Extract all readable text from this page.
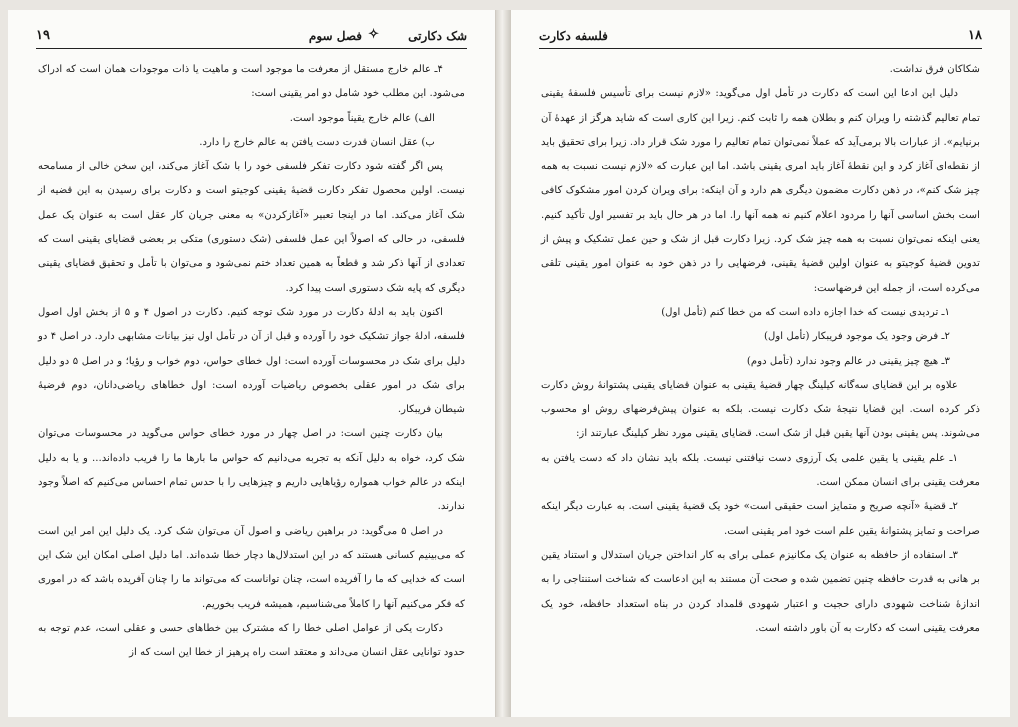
۱۹	شک دکارتی
✧
فصل سوم

۴ـ عالم خارج مستقل از معرفت ما موجود است و ماهیت یا ذات موجودات همان است که ادراک می‌شود. این مطلب خود شامل دو امر یقینی است:

الف) عالم خارج یقیناً موجود است.

ب) عقل انسان قدرت دست یافتن به عالم خارج را دارد.

پس اگر گفته شود دکارت تفکر فلسفی خود را با شک آغاز می‌کند، این سخن خالی از مسامحه نیست. اولین محصول تفکر دکارت قضیهٔ یقینی کوجیتو است و دکارت برای رسیدن به این قضیه از شک آغاز می‌کند. اما در اینجا تعبیر «آغازکردن» به معنی جریان کار عقل است به عنوان یک عمل فلسفی، در حالی که اصولاً این عمل فلسفی (شک دستوری) متکی بر بعضی قضایای یقینی است که تعدادی از آنها ذکر شد و قطعاً به همین تعداد ختم نمی‌شود و می‌توان با تأمل و تحقیق قضایای یقینی دیگری که پایه شک دستوری است پیدا کرد.

اکنون باید به ادلهٔ دکارت در مورد شک توجه کنیم. دکارت در اصول ۴ و ۵ از بخش اول اصول فلسفه، ادلهٔ جواز تشکیک خود را آورده و قبل از آن در تأمل اول نیز بیانات مشابهی دارد. در اصل ۴ دو دلیل برای شک در محسوسات آورده است: اول خطای حواس، دوم خواب و رؤیا؛ و در اصل ۵ دو دلیل برای شک در امور عقلی بخصوص ریاضیات آورده است: اول خطاهای ریاضی‌دانان، دوم فرضیهٔ شیطان فریبکار.

بیان دکارت چنین است: در اصل چهار در مورد خطای حواس می‌گوید در محسوسات می‌توان شک کرد، خواه به دلیل آنکه به تجربه می‌دانیم که حواس ما بارها ما را فریب داده‌اند... و یا به دلیل اینکه در عالم خواب همواره رؤیاهایی داریم و چیزهایی را با حدس تمام احساس می‌کنیم که اصلاً وجود ندارند.

در اصل ۵ می‌گوید: در براهین ریاضی و اصول آن می‌توان شک کرد. یک دلیل این امر این است که می‌بینیم کسانی هستند که در این استدلال‌ها دچار خطا شده‌اند. اما دلیل اصلی امکان این شک این است که خدایی که ما را آفریده است، چنان تواناست که می‌تواند ما را چنان آفریده باشد که در اموری که فکر می‌کنیم آنها را کاملاً می‌شناسیم، همیشه فریب بخوریم.

دکارت یکی از عوامل اصلی خطا را که مشترک بین خطاهای حسی و عقلی است، عدم توجه به حدود توانایی عقل انسان می‌داند و معتقد است راه پرهیز از خطا این است که از

۱۸
فلسفه دکارت

شکاکان فرق نداشت.

دلیل این ادعا این است که دکارت در تأمل اول می‌گوید: «لازم نیست برای تأسیس فلسفهٔ یقینی تمام تعالیم گذشته را ویران کنم و بطلان همه را ثابت کنم. زیرا این کاری است که شاید هرگز از عهدهٔ آن برنیایم». از عبارات بالا برمی‌آید که عملاً نمی‌توان تمام تعالیم را مورد شک قرار داد. زیرا برای تحقیق باید از نقطه‌ای آغاز کرد و این نقطهٔ آغاز باید امری یقینی باشد. اما این عبارت که «لازم نیست نسبت به همه چیز شک کنم»، در ذهن دکارت مضمون دیگری هم دارد و آن اینکه: برای ویران کردن امور مشکوک کافی است بخش اساسی آنها را مردود اعلام کنیم نه همه آنها را. اما در هر حال باید بر تفسیر اول تأکید کنیم. یعنی اینکه نمی‌توان نسبت به همه چیز شک کرد. زیرا دکارت قبل از شک و حین عمل تشکیک و پیش از تدوین قضیهٔ کوجیتو به عنوان اولین قضیهٔ یقینی، فرضهایی را در ذهن خود به عنوان امور یقینی تلقی می‌کرده است، از جمله این فرضهاست:

۱ـ تردیدی نیست که خدا اجازه داده است که من خطا کنم (تأمل اول)

۲ـ فرض وجود یک موجود فریبکار (تأمل اول)

۳ـ هیچ چیز یقینی در عالم وجود ندارد (تأمل دوم)

علاوه بر این قضایای سه‌گانه کیلینگ چهار قضیهٔ یقینی به عنوان قضایای یقینی پشتوانهٔ روش دکارت ذکر کرده است. این قضایا نتیجهٔ شک دکارت نیست. بلکه به عنوان پیش‌فرضهای روش او محسوب می‌شوند. پس یقینی بودن آنها یقین قبل از شک است. قضایای یقینی مورد نظر کیلینگ عبارتند از:

۱ـ علم یقینی یا یقین علمی یک آرزوی دست نیافتنی نیست. بلکه باید نشان داد که دست یافتن به معرفت یقینی برای انسان ممکن است.

۲ـ قضیهٔ «آنچه صریح و متمایز است حقیقی است» خود یک قضیهٔ یقینی است. به عبارت دیگر اینکه صراحت و تمایز پشتوانهٔ یقین علم است خود امر یقینی است.

۳ـ استفاده از حافظه به عنوان یک مکانیزم عملی برای به کار انداختن جریان استدلال و استناد یقین بر هانی به قدرت حافظه چنین تضمین شده و صحت آن مستند به این ادعاست که شناخت استنتاجی را به اندازهٔ شناخت شهودی دارای حجیت و اعتبار شهودی قلمداد کردن در بناه استعداد حافظه، خود یک معرفت یقینی است که دکارت به آن باور داشته است.
